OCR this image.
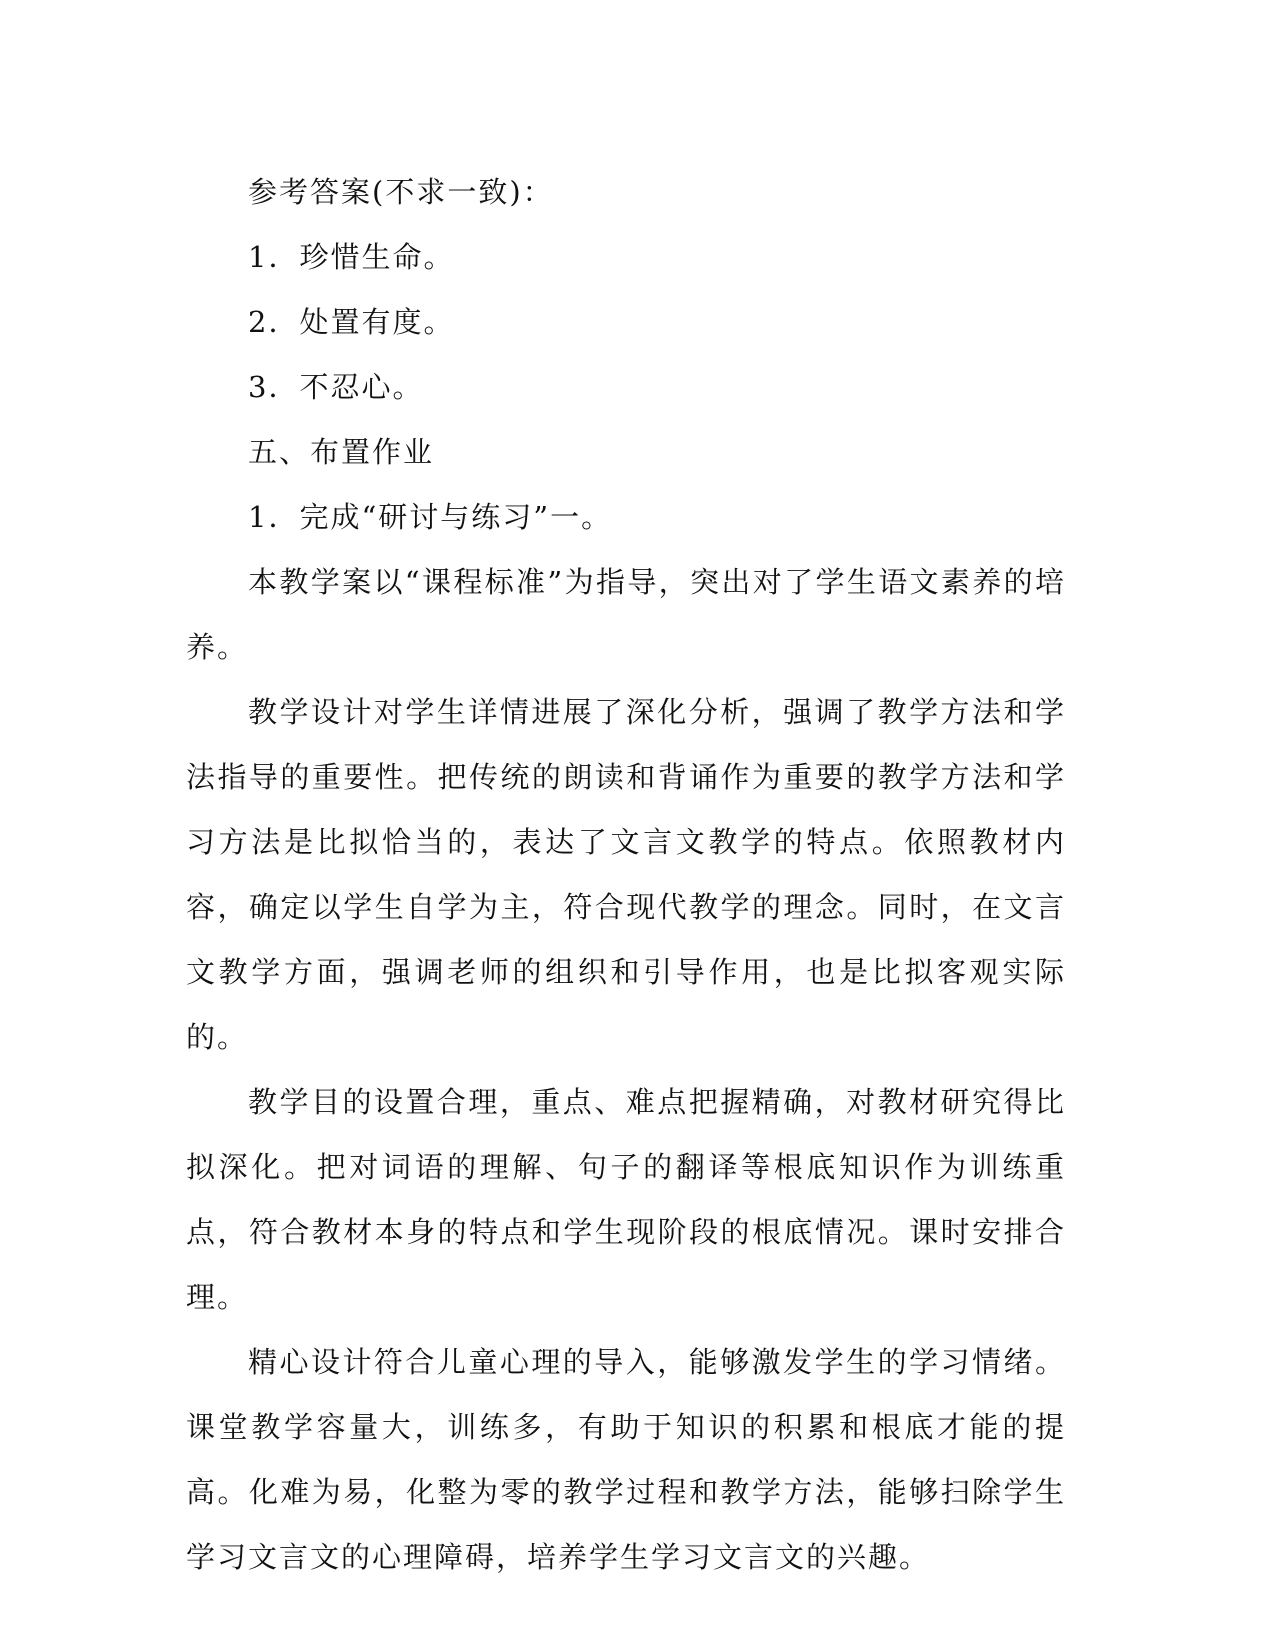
参考答案(不求一致)：

1．珍惜生命。

2．处置有度。

3．不忍心。

五、布置作业

1．完成“研讨与练习”一。

本教学案以“课程标准”为指导，突出对了学生语文素养的培养。

教学设计对学生详情进展了深化分析，强调了教学方法和学法指导的重要性。把传统的朗读和背诵作为重要的教学方法和学习方法是比拟恰当的，表达了文言文教学的特点。依照教材内容，确定以学生自学为主，符合现代教学的理念。同时，在文言文教学方面，强调老师的组织和引导作用，也是比拟客观实际的。

教学目的设置合理，重点、难点把握精确，对教材研究得比拟深化。把对词语的理解、句子的翻译等根底知识作为训练重点，符合教材本身的特点和学生现阶段的根底情况。课时安排合理。

精心设计符合儿童心理的导入，能够激发学生的学习情绪。课堂教学容量大，训练多，有助于知识的积累和根底才能的提高。化难为易，化整为零的教学过程和教学方法，能够扫除学生学习文言文的心理障碍，培养学生学习文言文的兴趣。
